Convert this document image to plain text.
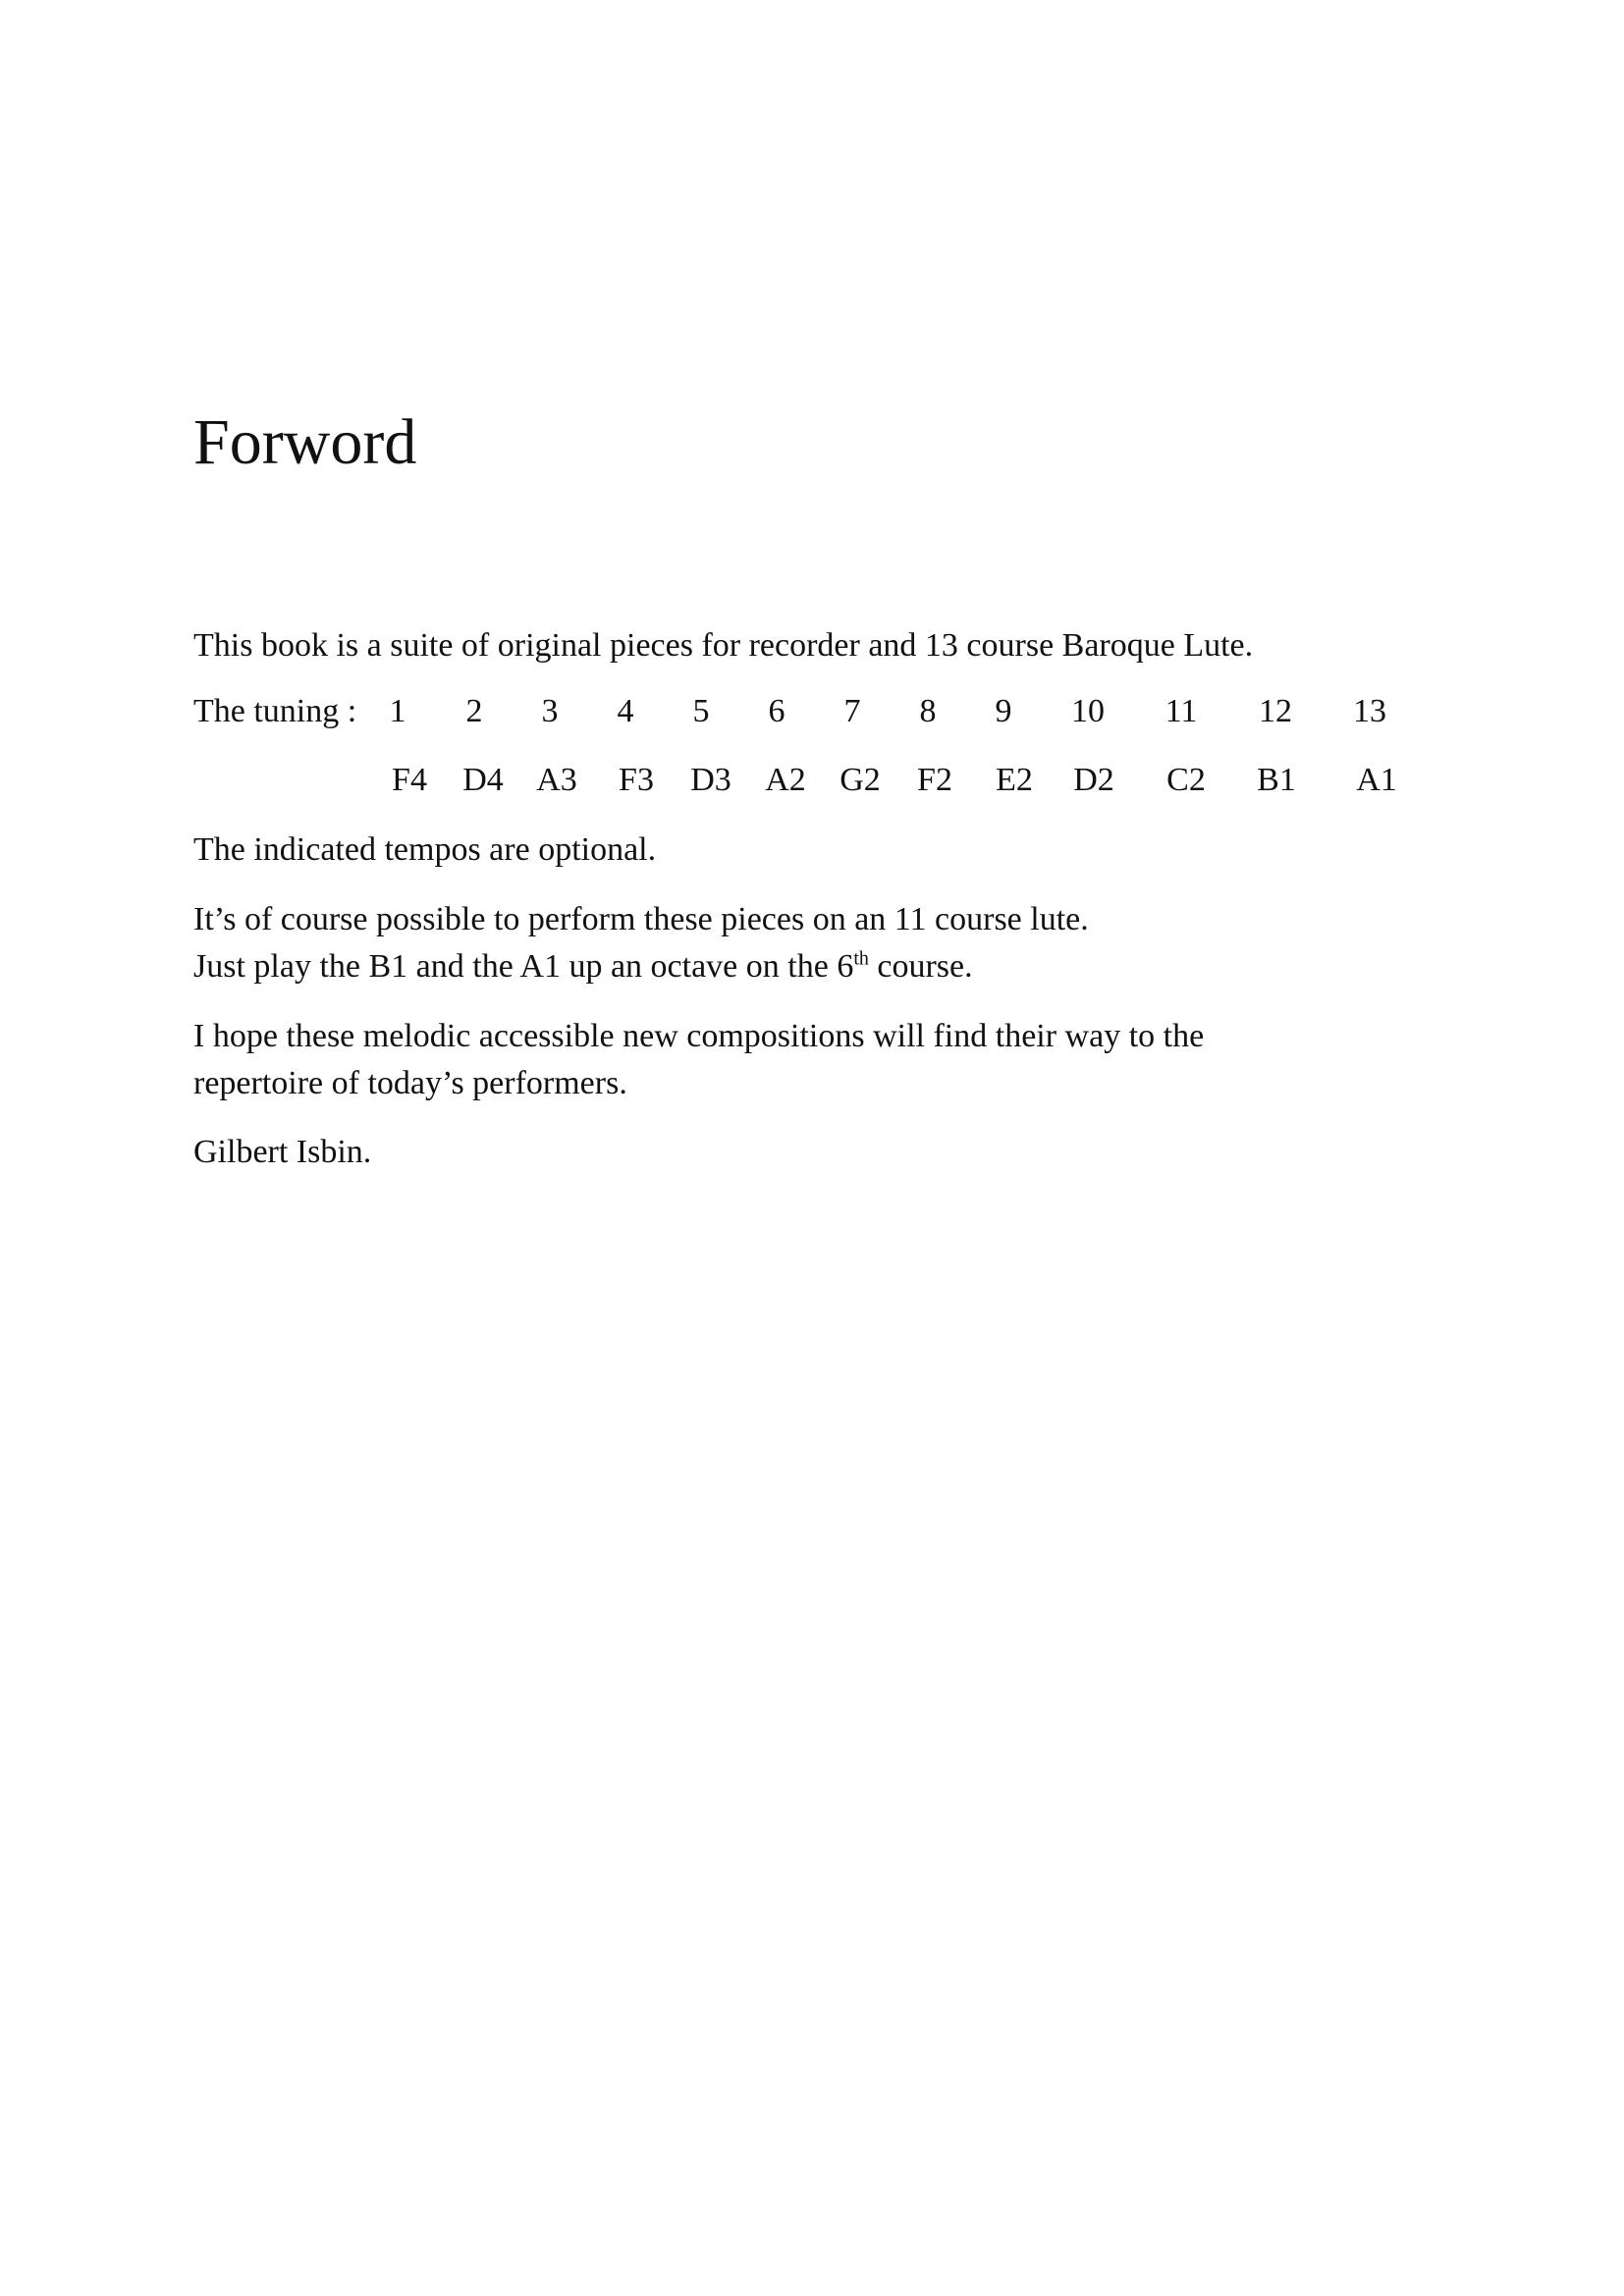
Forword

This book is a suite of original pieces for recorder and 13 course Baroque Lute.

The tuning : 1	2	3	4	5	6	7	8	9	10	11	12	13
F4	D4 A3	F3	D3	A2	G2	F2	E2	D2	C2	B1	A1

The indicated tempos are optional.

It’s of course possible to perform these pieces on an 11 course lute.

Just play the B1 and the A1 up an octave on the 6th course.

I hope these melodic accessible new compositions will find their way to the

repertoire of today’s performers.

Gilbert Isbin.
